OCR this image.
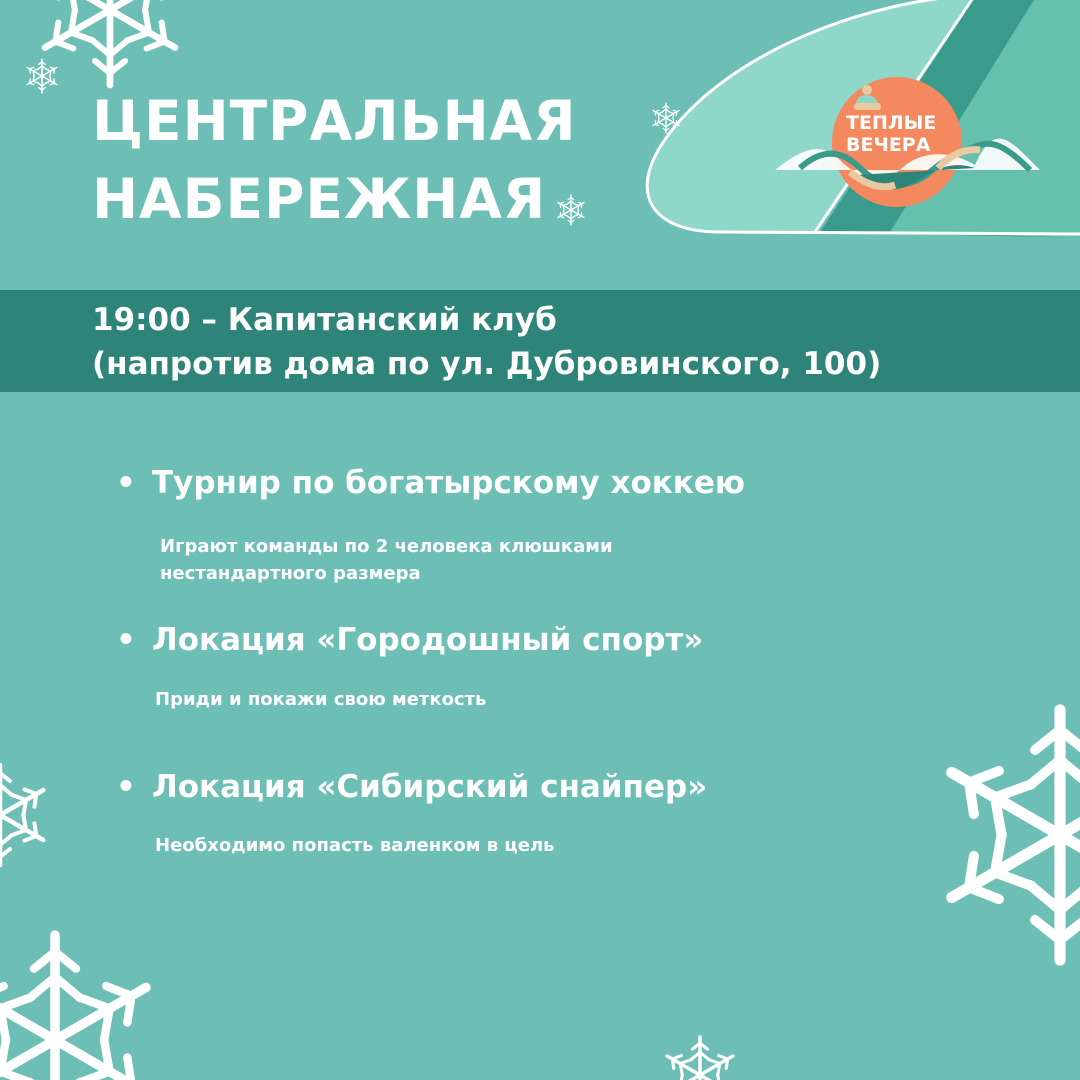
ЦЕНТРАЛЬНАЯ
НАБЕРЕЖНАЯ
ТЕПЛЫЕ
ВЕЧЕРА
19:00 – Капитанский клуб
(напротив дома по ул. Дубровинского, 100)
• Турнир по богатырскому хоккею
Играют команды по 2 человека клюшками
нестандартного размера
• Локация «Городошный спорт»
Приди и покажи свою меткость
• Локация «Сибирский снайпер»
Необходимо попасть валенком в цель
